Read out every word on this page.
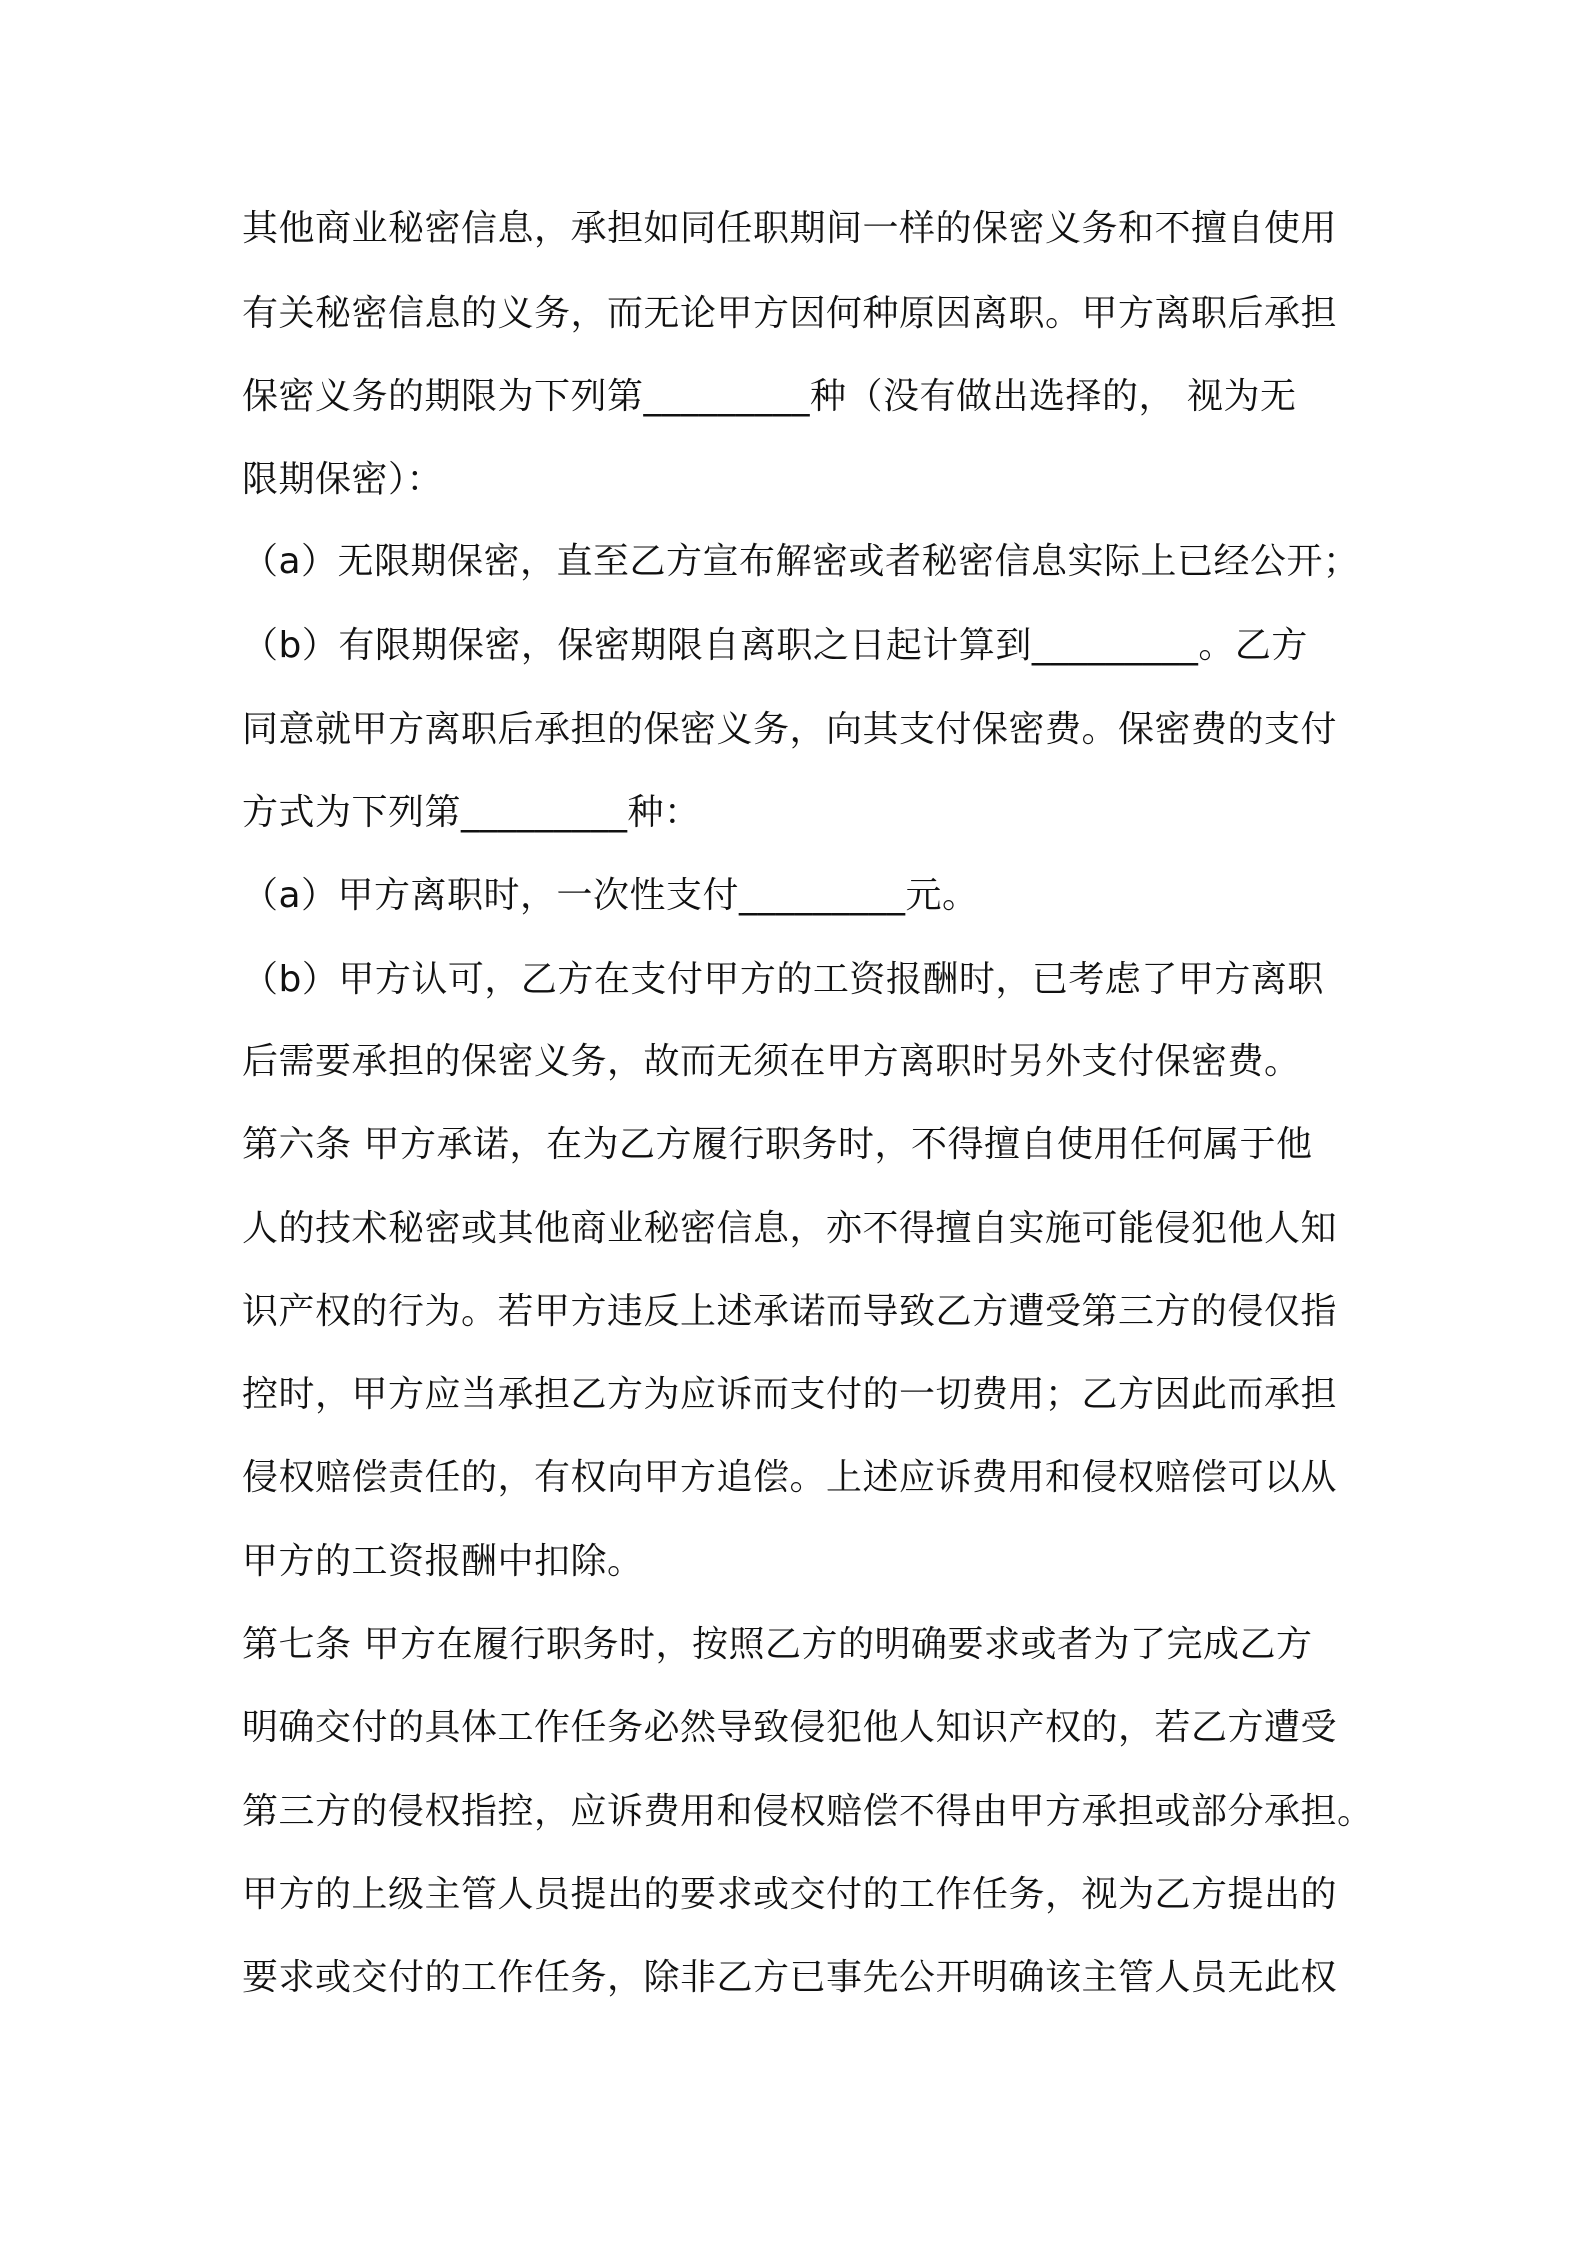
其他商业秘密信息，承担如同任职期间一样的保密义务和不擅自使用
有关秘密信息的义务，而无论甲方因何种原因离职。甲方离职后承担
保密义务的期限为下列第_________种（没有做出选择的， 视为无
限期保密）：
（a）无限期保密，直至乙方宣布解密或者秘密信息实际上已经公开；
（b）有限期保密，保密期限自离职之日起计算到_________。乙方
同意就甲方离职后承担的保密义务，向其支付保密费。保密费的支付
方式为下列第_________种：
（a）甲方离职时，一次性支付_________元。
（b）甲方认可，乙方在支付甲方的工资报酬时，已考虑了甲方离职
后需要承担的保密义务，故而无须在甲方离职时另外支付保密费。
第六条 甲方承诺，在为乙方履行职务时，不得擅自使用任何属于他
人的技术秘密或其他商业秘密信息，亦不得擅自实施可能侵犯他人知
识产权的行为。若甲方违反上述承诺而导致乙方遭受第三方的侵仅指
控时，甲方应当承担乙方为应诉而支付的一切费用；乙方因此而承担
侵权赔偿责任的，有权向甲方追偿。上述应诉费用和侵权赔偿可以从
甲方的工资报酬中扣除。
第七条 甲方在履行职务时，按照乙方的明确要求或者为了完成乙方
明确交付的具体工作任务必然导致侵犯他人知识产权的，若乙方遭受
第三方的侵权指控，应诉费用和侵权赔偿不得由甲方承担或部分承担。
甲方的上级主管人员提出的要求或交付的工作任务，视为乙方提出的
要求或交付的工作任务，除非乙方已事先公开明确该主管人员无此权
